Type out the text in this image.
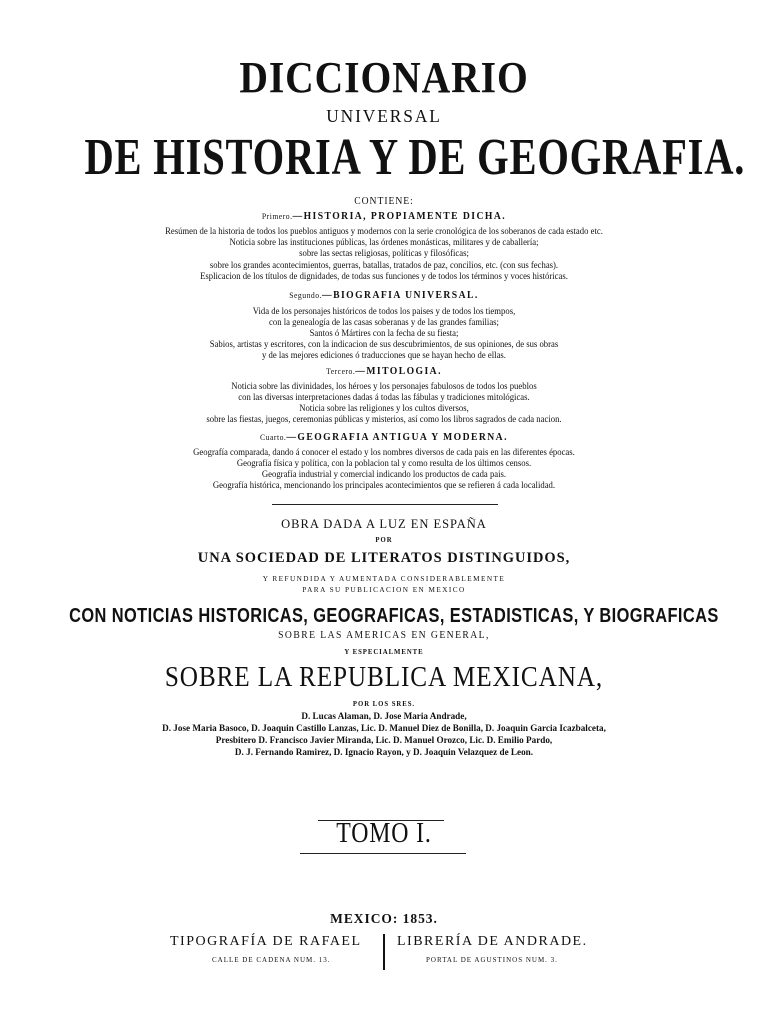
DICCIONARIO
UNIVERSAL
DE HISTORIA Y DE GEOGRAFIA.
CONTIENE:
Primero.—HISTORIA, PROPIAMENTE DICHA.
Resúmen de la historia de todos los pueblos antiguos y modernos con la serie cronológica de los soberanos de cada estado etc.
Noticia sobre las instituciones públicas, las órdenes monásticas, militares y de caballería;
sobre las sectas religiosas, políticas y filosóficas;
sobre los grandes acontecimientos, guerras, batallas, tratados de paz, concilios, etc. (con sus fechas).
Esplicacion de los títulos de dignidades, de todas sus funciones y de todos los términos y voces históricas.
Segundo.—BIOGRAFIA UNIVERSAL.
Vida de los personajes históricos de todos los paises y de todos los tiempos,
con la genealogía de las casas soberanas y de las grandes familias;
Santos ó Mártires con la fecha de su fiesta;
Sabios, artistas y escritores, con la indicacion de sus descubrimientos, de sus opiniones, de sus obras
y de las mejores ediciones ó traducciones que se hayan hecho de ellas.
Tercero.—MITOLOGIA.
Noticia sobre las divinidades, los héroes y los personajes fabulosos de todos los pueblos
con las diversas interpretaciones dadas á todas las fábulas y tradiciones mitológicas.
Noticia sobre las religiones y los cultos diversos,
sobre las fiestas, juegos, ceremonias públicas y misterios, así como los libros sagrados de cada nacion.
Cuarto.—GEOGRAFIA ANTIGUA Y MODERNA.
Geografía comparada, dando á conocer el estado y los nombres diversos de cada pais en las diferentes épocas.
Geografía física y política, con la poblacion tal y como resulta de los últimos censos.
Geografía industrial y comercial indicando los productos de cada pais.
Geografía histórica, mencionando los principales acontecimientos que se refieren á cada localidad.
OBRA DADA A LUZ EN ESPAÑA
POR
UNA SOCIEDAD DE LITERATOS DISTINGUIDOS,
Y REFUNDIDA Y AUMENTADA CONSIDERABLEMENTE
PARA SU PUBLICACION EN MEXICO
CON NOTICIAS HISTORICAS, GEOGRAFICAS, ESTADISTICAS, Y BIOGRAFICAS
SOBRE LAS AMERICAS EN GENERAL,
Y ESPECIALMENTE
SOBRE LA REPUBLICA MEXICANA,
POR LOS SRES.
D. Lucas Alaman, D. Jose Maria Andrade,
D. Jose Maria Basoco, D. Joaquin Castillo Lanzas, Lic. D. Manuel Diez de Bonilla, D. Joaquin Garcia Icazbalceta,
Presbitero D. Francisco Javier Miranda, Lic. D. Manuel Orozco, Lic. D. Emilio Pardo,
D. J. Fernando Ramirez, D. Ignacio Rayon, y D. Joaquin Velazquez de Leon.
TOMO I.
MEXICO: 1853.
TIPOGRAFÍA DE RAFAEL
CALLE DE CADENA NUM. 13.
LIBRERÍA DE ANDRADE.
PORTAL DE AGUSTINOS NUM. 3.
